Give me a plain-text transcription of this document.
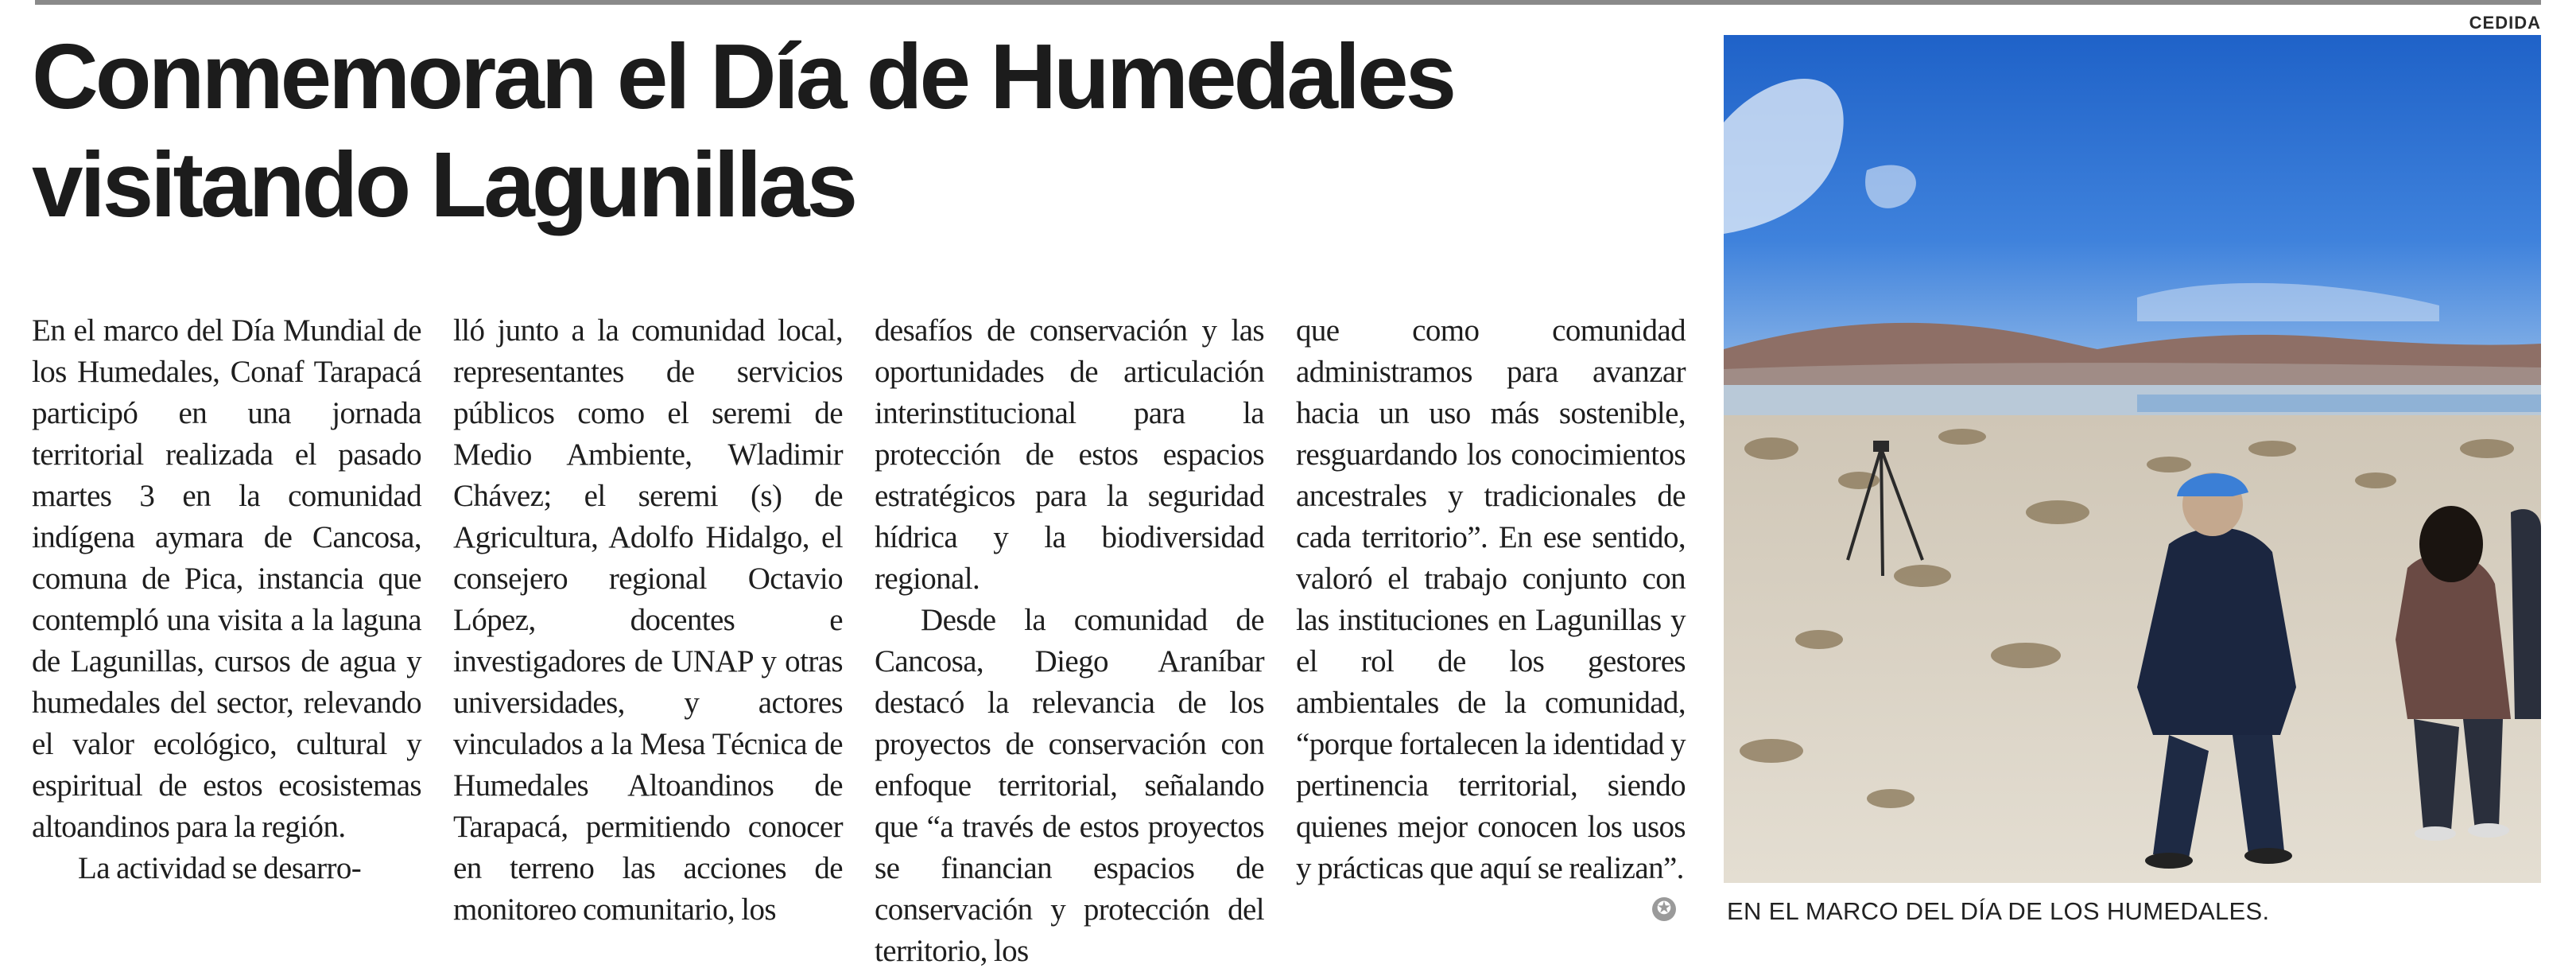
Conmemoran el Día de Humedales
visitando Lagunillas

En el marco del Día Mundial de los Humedales, Conaf Tarapacá participó en una jornada territorial realizada el pasado martes 3 en la comunidad indígena aymara de Cancosa, comuna de Pica, instancia que contempló una visita a la laguna de Lagunillas, cursos de agua y humedales del sector, relevando el valor ecológico, cultural y espiritual de estos ecosistemas altoandinos para la región.

La actividad se desarro-

lló junto a la comunidad local, representantes de servicios públicos como el seremi de Medio Ambiente, Wladimir Chávez; el seremi (s) de Agricultura, Adolfo Hidalgo, el consejero regional Octavio López, docentes e investigadores de UNAP y otras universidades, y actores vinculados a la Mesa Técnica de Humedales Altoandinos de Tarapacá, permitiendo conocer en terreno las acciones de monitoreo comunitario, los

desafíos de conservación y las oportunidades de articulación interinstitucional para la protección de estos espacios estratégicos para la seguridad hídrica y la biodiversidad regional.

Desde la comunidad de Cancosa, Diego Araníbar destacó la relevancia de los proyectos de conservación con enfoque territorial, señalando que “a través de estos proyectos se financian espacios de conservación y protección del territorio, los

que como comunidad administramos para avanzar hacia un uso más sostenible, resguardando los conocimientos ancestrales y tradicionales de cada territorio”. En ese sentido, valoró el trabajo conjunto con las instituciones en Lagunillas y el rol de los gestores ambientales de la comunidad, “porque fortalecen la identidad y pertinencia territorial, siendo quienes mejor conocen los usos y prácticas que aquí se realizan”.

✪
CEDIDA
EN EL MARCO DEL DÍA DE LOS HUMEDALES.
